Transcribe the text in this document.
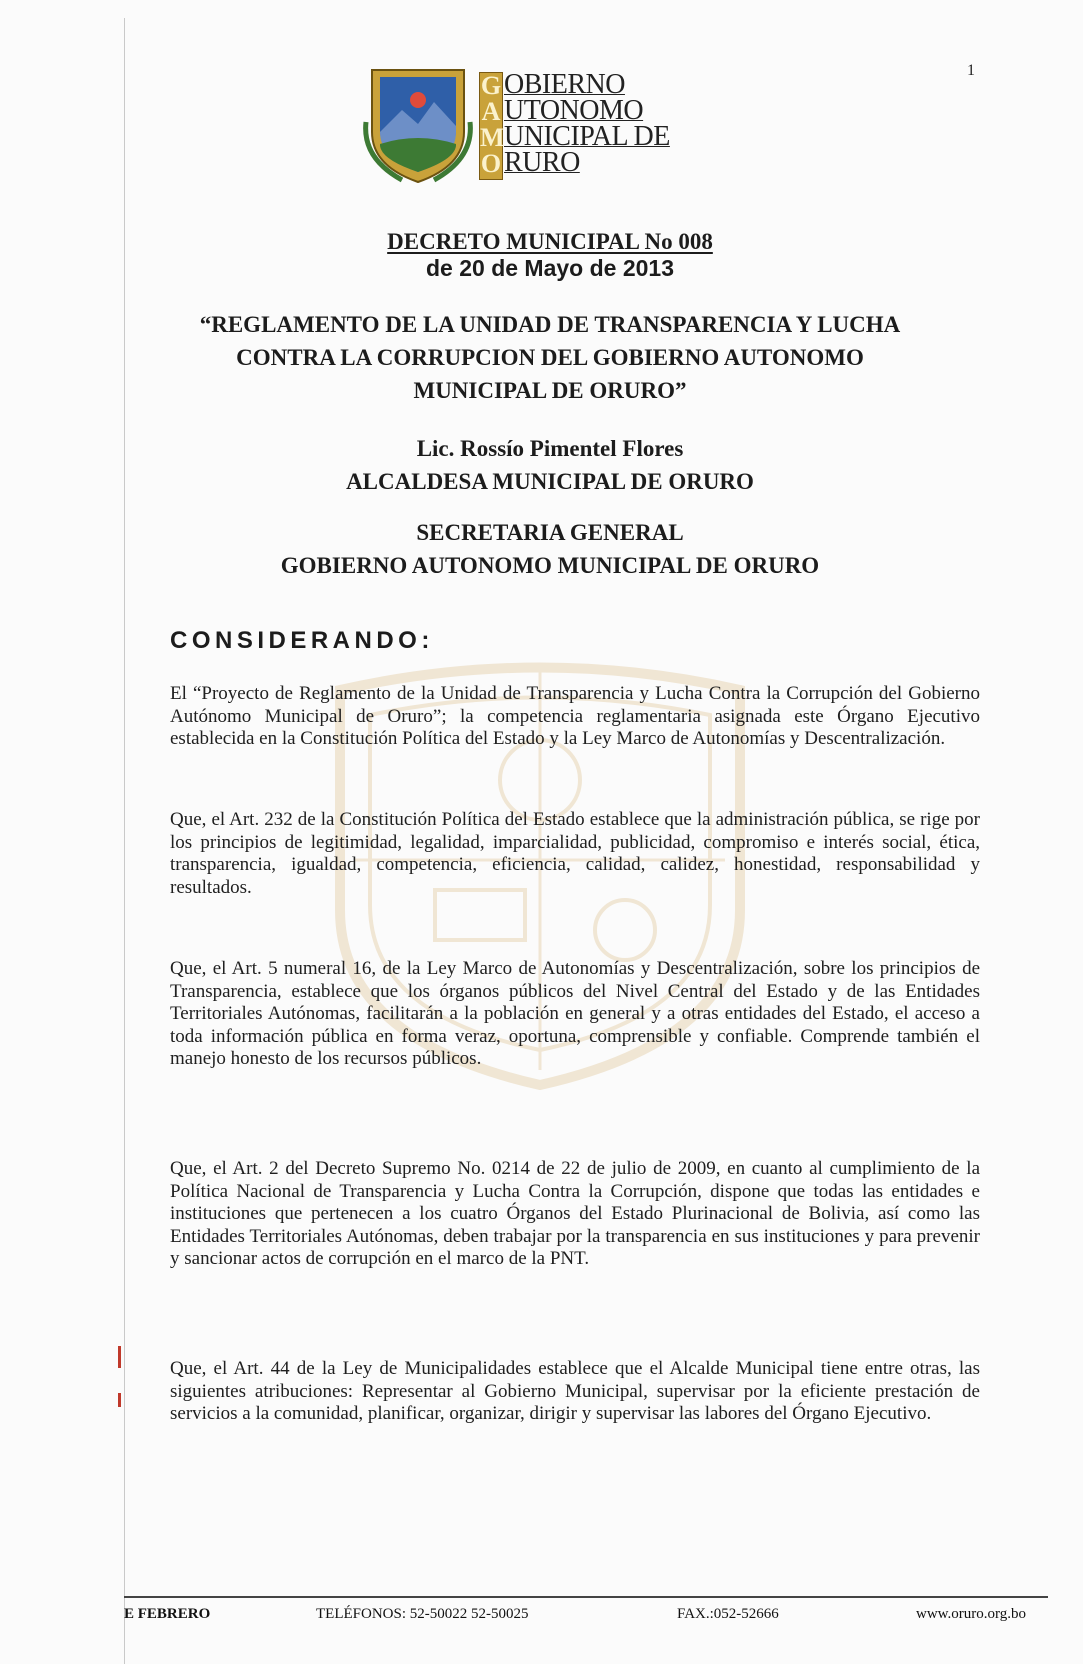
1
G
A
M
O
OBIERNO
UTONOMO
UNICIPAL DE
RURO
DECRETO MUNICIPAL No 008
de 20 de Mayo de 2013
“REGLAMENTO DE LA UNIDAD DE TRANSPARENCIA Y LUCHA
CONTRA LA CORRUPCION DEL GOBIERNO AUTONOMO
MUNICIPAL DE ORURO”
Lic. Rossío Pimentel Flores
ALCALDESA MUNICIPAL DE ORURO
SECRETARIA GENERAL
GOBIERNO AUTONOMO MUNICIPAL DE ORURO
CONSIDERANDO:
El “Proyecto de Reglamento de la Unidad de Transparencia y Lucha Contra la Corrupción del Gobierno Autónomo Municipal de Oruro”; la competencia reglamentaria asignada este Órgano Ejecutivo establecida en la Constitución Política del Estado y la Ley Marco de Autonomías y Descentralización.
Que, el Art. 232 de la Constitución Política del Estado establece que la administración pública, se rige por los principios de legitimidad, legalidad, imparcialidad, publicidad, compromiso e interés social, ética, transparencia, igualdad, competencia, eficiencia, calidad, calidez, honestidad, responsabilidad y resultados.
Que, el Art. 5 numeral 16, de la Ley Marco de Autonomías y Descentralización, sobre los principios de Transparencia, establece que los órganos públicos del Nivel Central del Estado y de las Entidades Territoriales Autónomas, facilitarán a la población en general y a otras entidades del Estado, el acceso a toda información pública en forma veraz, oportuna, comprensible y confiable. Comprende también el manejo honesto de los recursos públicos.
Que, el Art. 2 del Decreto Supremo No. 0214 de 22 de julio de 2009, en cuanto al cumplimiento de la Política Nacional de Transparencia y Lucha Contra la Corrupción, dispone que todas las entidades e instituciones que pertenecen a los cuatro Órganos del Estado Plurinacional de Bolivia, así como las Entidades Territoriales Autónomas, deben trabajar por la transparencia en sus instituciones y para prevenir y sancionar actos de corrupción en el marco de la PNT.
Que, el Art. 44 de la Ley de Municipalidades establece que el Alcalde Municipal tiene entre otras, las siguientes atribuciones: Representar al Gobierno Municipal, supervisar por la eficiente prestación de servicios a la comunidad, planificar, organizar, dirigir y supervisar las labores del Órgano Ejecutivo.
E FEBRERO	TELÉFONOS: 52-50022 52-50025	FAX.:052-52666	www.oruro.org.bo
